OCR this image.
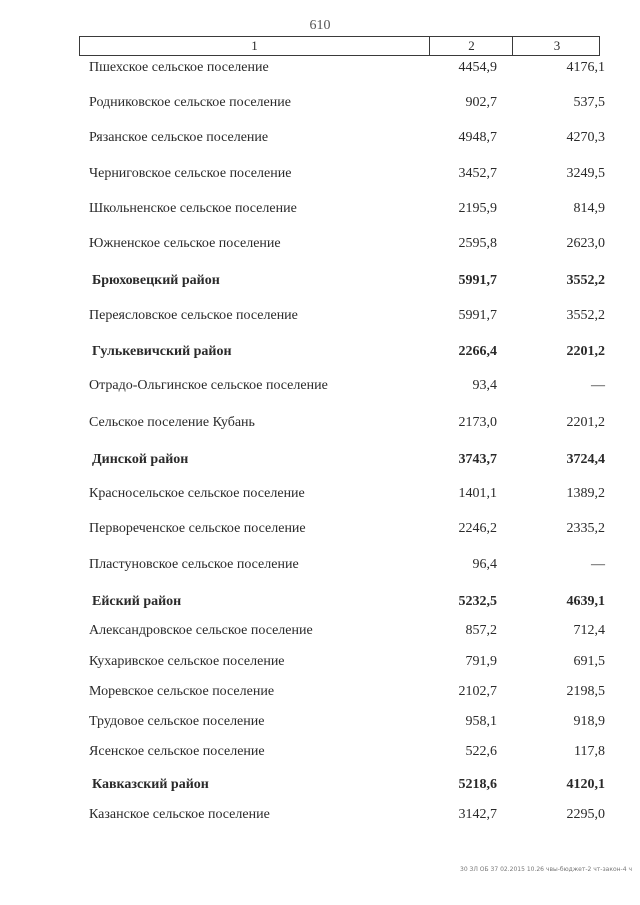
610
1	2	3
Пшехское сельское поселение	4454,9	4176,1
Родниковское сельское поселение	902,7	537,5
Рязанское сельское поселение	4948,7	4270,3
Черниговское сельское поселение	3452,7	3249,5
Школьненское сельское поселение	2195,9	814,9
Южненское сельское поселение	2595,8	2623,0
Брюховецкий район	5991,7	3552,2
Переясловское сельское поселение	5991,7	3552,2
Гулькевичский район	2266,4	2201,2
Отрадо-Ольгинское сельское поселение	93,4	—
Сельское поселение Кубань	2173,0	2201,2
Динской район	3743,7	3724,4
Красносельское сельское поселение	1401,1	1389,2
Первореченское сельское поселение	2246,2	2335,2
Пластуновское сельское поселение	96,4	—
Ейский район	5232,5	4639,1
Александровское сельское поселение	857,2	712,4
Кухаривское сельское поселение	791,9	691,5
Моревское сельское поселение	2102,7	2198,5
Трудовое сельское поселение	958,1	918,9
Ясенское сельское поселение	522,6	117,8
Кавказский район	5218,6	4120,1
Казанское сельское поселение	3142,7	2295,0
30 ЗЛ ОБ 37 02.2015 10.26 чвы-бюджет-2 чт-закон-4 ч
